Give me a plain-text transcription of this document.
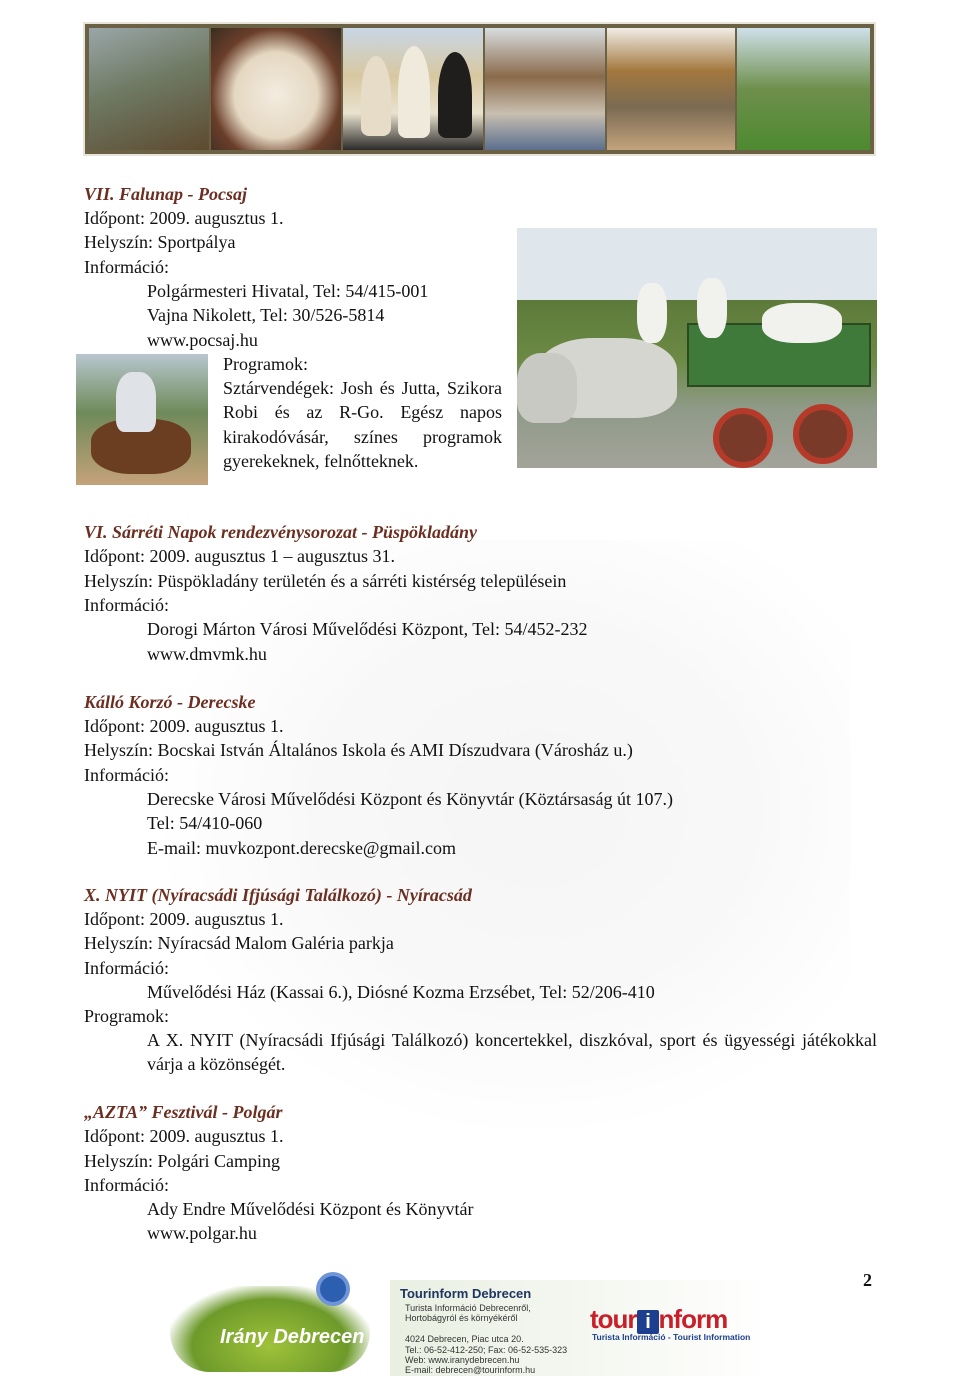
VII. Falunap - Pocsaj
Időpont: 2009. augusztus 1.
Helyszín: Sportpálya
Információ:
Polgármesteri Hivatal, Tel: 54/415-001
Vajna Nikolett, Tel: 30/526-5814
www.pocsaj.hu
Programok:
Sztárvendégek: Josh és Jutta, Szikora Robi és az R-Go. Egész napos kirakodóvásár, színes programok gyerekeknek, felnőtteknek.
VI. Sárréti Napok rendezvénysorozat - Püspökladány
Időpont: 2009. augusztus 1 – augusztus 31.
Helyszín: Püspökladány területén és a sárréti kistérség településein
Információ:
Dorogi Márton Városi Művelődési Központ, Tel: 54/452-232
www.dmvmk.hu
Kálló Korzó - Derecske
Időpont: 2009. augusztus 1.
Helyszín: Bocskai István Általános Iskola és AMI Díszudvara (Városház u.)
Információ:
Derecske Városi Művelődési Központ és Könyvtár (Köztársaság út 107.)
Tel: 54/410-060
E-mail: muvkozpont.derecske@gmail.com
X. NYIT (Nyíracsádi Ifjúsági Találkozó) - Nyíracsád
Időpont: 2009. augusztus 1.
Helyszín: Nyíracsád Malom Galéria parkja
Információ:
Művelődési Ház (Kassai 6.), Diósné Kozma Erzsébet, Tel: 52/206-410
Programok:
A X. NYIT (Nyíracsádi Ifjúsági Találkozó) koncertekkel, diszkóval, sport és ügyességi játékokkal várja a közönségét.
„AZTA” Fesztivál - Polgár
Időpont: 2009. augusztus 1.
Helyszín: Polgári Camping
Információ:
Ady Endre Művelődési Központ és Könyvtár
www.polgar.hu
2
Irány Debrecen
Tourinform Debrecen
Turista Információ Debrecenről,
Hortobágyról és környékéről

4024 Debrecen, Piac utca 20.
Tel.: 06-52-412-250; Fax: 06-52-535-323
Web: www.iranydebrecen.hu
E-mail: debrecen@tourinform.hu
tour i nform
Turista Információ - Tourist Information
